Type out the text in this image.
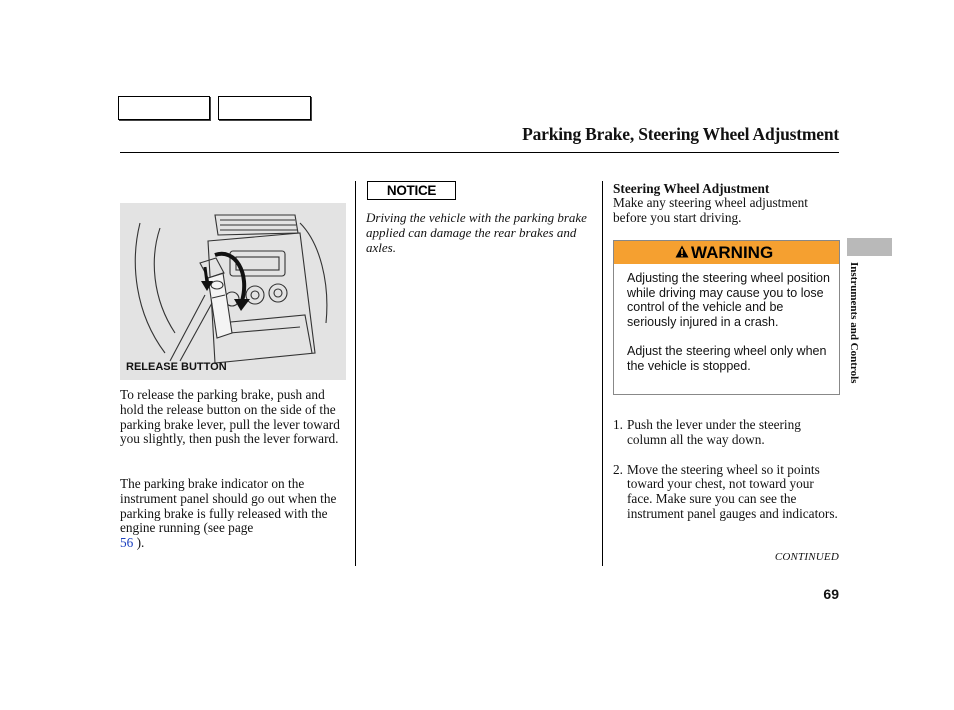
Parking Brake, Steering Wheel Adjustment
RELEASE BUTTON
To release the parking brake, push and hold the release button on the side of the parking brake lever, pull the lever toward you slightly, then push the lever forward.
The parking brake indicator on the instrument panel should go out when the parking brake is fully released with the engine running (see page
56 ).
NOTICE
Driving the vehicle with the parking brake applied can damage the rear brakes and axles.
Steering Wheel Adjustment
Make any steering wheel adjustment before you start driving.
WARNING

Adjusting the steering wheel position while driving may cause you to lose control of the vehicle and be seriously injured in a crash.

Adjust the steering wheel only when the vehicle is stopped.

1. Push the lever under the steering column all the way down.
2. Move the steering wheel so it points toward your chest, not toward your face. Make sure you can see the instrument panel gauges and indicators.
CONTINUED
69
Instruments and Controls
